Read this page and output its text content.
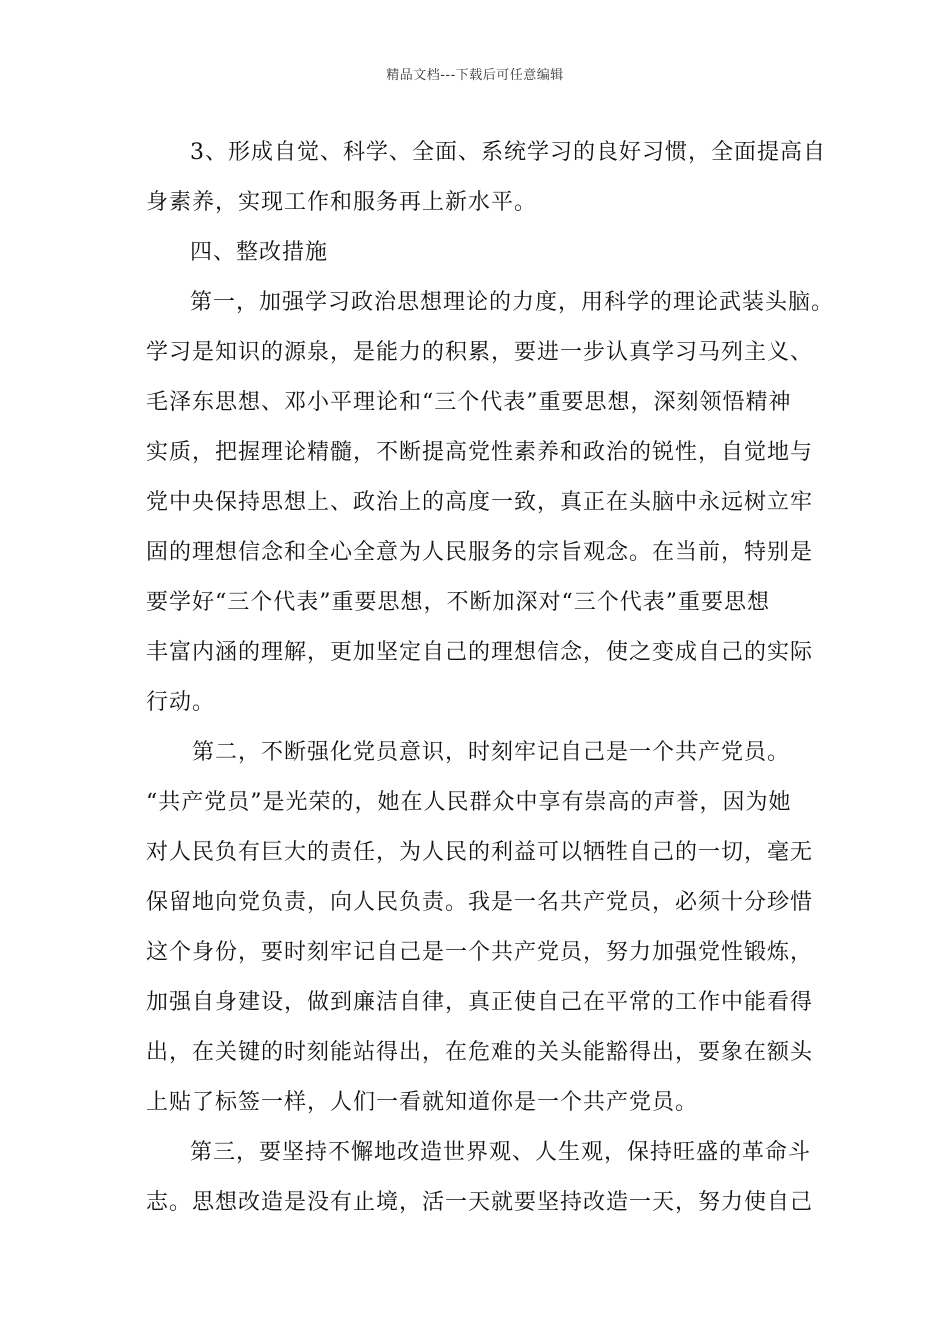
精品文档---下载后可任意编辑
3、形成自觉、科学、全面、系统学习的良好习惯，全面提高自
身素养，实现工作和服务再上新水平。
四、整改措施
第一，加强学习政治思想理论的力度，用科学的理论武装头脑。
学习是知识的源泉，是能力的积累，要进一步认真学习马列主义、
毛泽东思想、邓小平理论和“三个代表”重要思想，深刻领悟精神
实质，把握理论精髓，不断提高党性素养和政治的锐性，自觉地与
党中央保持思想上、政治上的高度一致，真正在头脑中永远树立牢
固的理想信念和全心全意为人民服务的宗旨观念。在当前，特别是
要学好“三个代表”重要思想，不断加深对“三个代表”重要思想
丰富内涵的理解，更加坚定自己的理想信念，使之变成自己的实际
行动。
第二，不断强化党员意识，时刻牢记自己是一个共产党员。
“共产党员”是光荣的，她在人民群众中享有崇高的声誉，因为她
对人民负有巨大的责任，为人民的利益可以牺牲自己的一切，毫无
保留地向党负责，向人民负责。我是一名共产党员，必须十分珍惜
这个身份，要时刻牢记自己是一个共产党员，努力加强党性锻炼，
加强自身建设，做到廉洁自律，真正使自己在平常的工作中能看得
出，在关键的时刻能站得出，在危难的关头能豁得出，要象在额头
上贴了标签一样，人们一看就知道你是一个共产党员。
第三，要坚持不懈地改造世界观、人生观，保持旺盛的革命斗
志。思想改造是没有止境，活一天就要坚持改造一天，努力使自己
